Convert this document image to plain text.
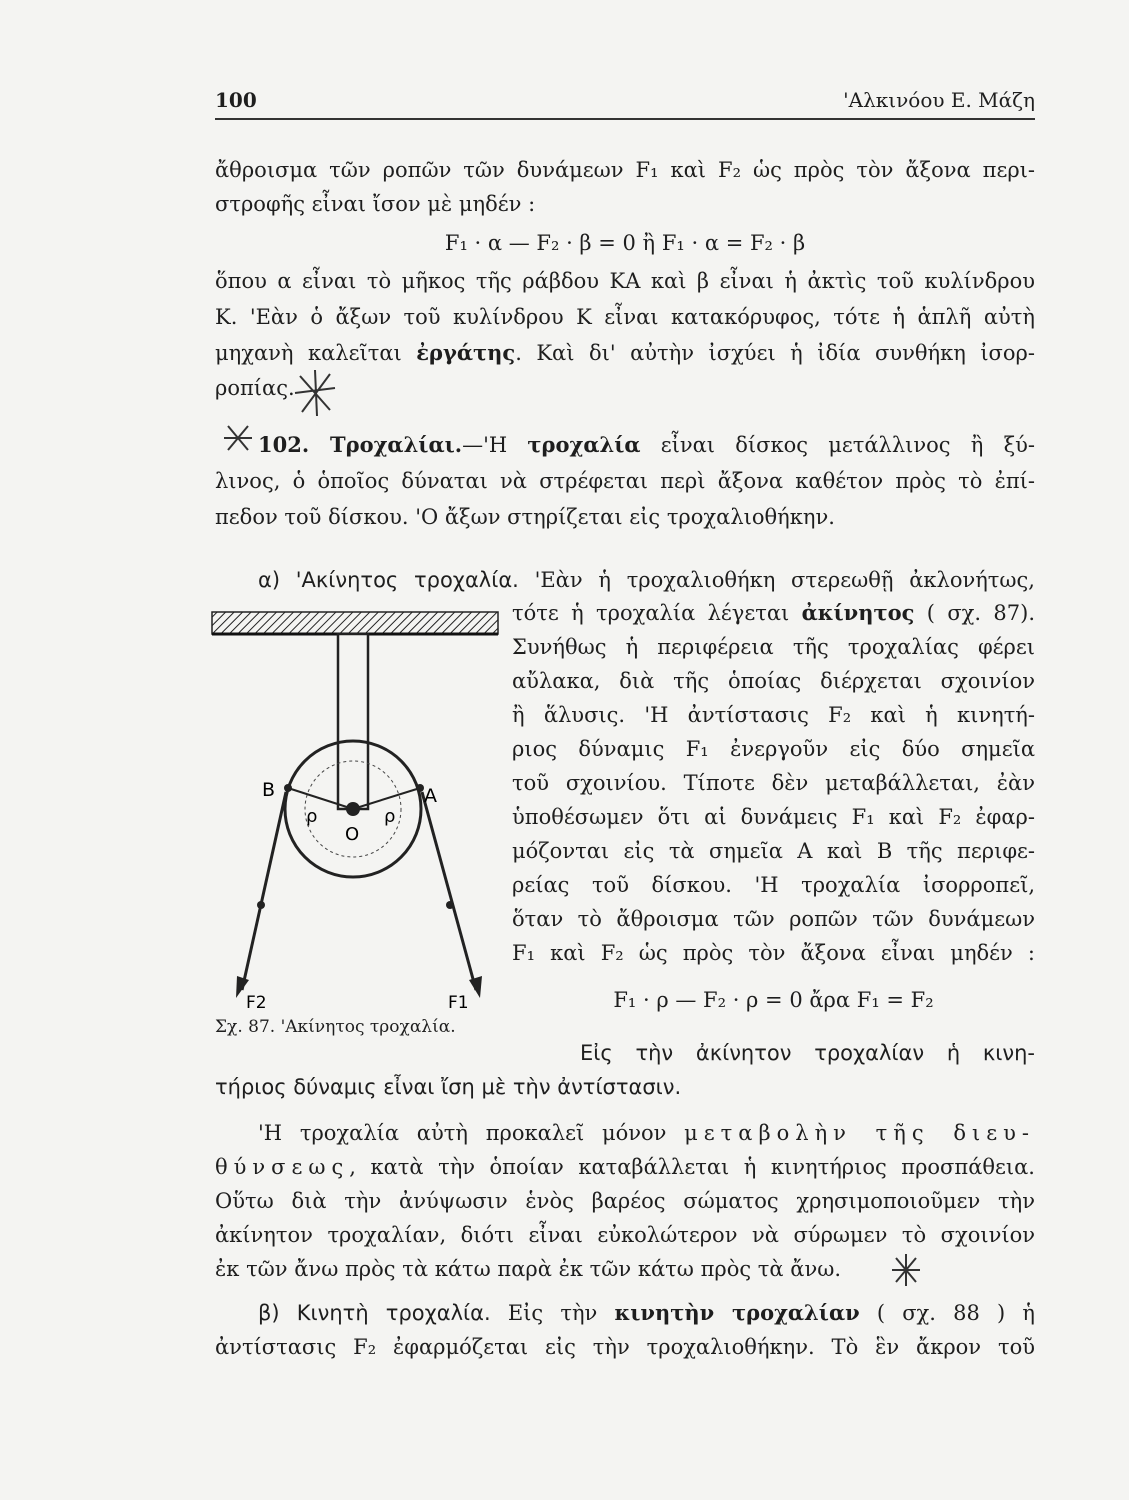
100	'Αλκινόου Ε. Μάζη
ἄθροισμα τῶν ροπῶν τῶν δυνάμεων F₁ καὶ F₂ ὡς πρὸς τὸν ἄξονα περι-
στροφῆς εἶναι ἴσον μὲ μηδέν :
F₁ · α — F₂ · β = 0 ἢ F₁ · α = F₂ · β
ὅπου α εἶναι τὸ μῆκος τῆς ράβδου ΚΑ καὶ β εἶναι ἡ ἀκτὶς τοῦ κυλίνδρου
Κ. 'Εὰν ὁ ἄξων τοῦ κυλίνδρου Κ εἶναι κατακόρυφος, τότε ἡ ἁπλῆ αὐτὴ
μηχανὴ καλεῖται ἐργάτης. Καὶ δι' αὐτὴν ἰσχύει ἡ ἰδία συνθήκη ἰσορ-
ροπίας.
102. Τροχαλίαι.—'Η τροχαλία εἶναι δίσκος μετάλλινος ἢ ξύ-
λινος, ὁ ὁποῖος δύναται νὰ στρέφεται περὶ ἄξονα καθέτον πρὸς τὸ ἐπί-
πεδον τοῦ δίσκου. 'Ο ἄξων στηρίζεται εἰς τροχαλιοθήκην.
α) 'Ακίνητος τροχαλία. 'Εὰν ἡ τροχαλιοθήκη στερεωθῇ ἀκλονήτως,
τότε ἡ τροχαλία λέγεται ἀκίνητος ( σχ. 87).
Συνήθως ἡ περιφέρεια τῆς τροχαλίας φέρει
αὔλακα, διὰ τῆς ὁποίας διέρχεται σχοινίον
ἢ ἅλυσις. 'Η ἀντίστασις F₂ καὶ ἡ κινητή-
ριος δύναμις F₁ ἐνεργοῦν εἰς δύο σημεῖα
τοῦ σχοινίου. Τίποτε δὲν μεταβάλλεται, ἐὰν
ὑποθέσωμεν ὅτι αἱ δυνάμεις F₁ καὶ F₂ ἐφαρ-
μόζονται εἰς τὰ σημεῖα Α καὶ Β τῆς περιφε-
ρείας τοῦ δίσκου. 'Η τροχαλία ἰσορροπεῖ,
ὅταν τὸ ἄθροισμα τῶν ροπῶν τῶν δυνάμεων
F₁ καὶ F₂ ὡς πρὸς τὸν ἄξονα εἶναι μηδέν :
F₁ · ρ — F₂ · ρ = 0 ἄρα F₁ = F₂
Εἰς τὴν ἀκίνητον τροχαλίαν ἡ κινη-
τήριος δύναμις εἶναι ἴση μὲ τὴν ἀντίστασιν.
'Η τροχαλία αὐτὴ προκαλεῖ μόνον μεταβολὴν τῆς διευ-
θύνσεως, κατὰ τὴν ὁποίαν καταβάλλεται ἡ κινητήριος προσπάθεια.
Οὕτω διὰ τὴν ἀνύψωσιν ἑνὸς βαρέος σώματος χρησιμοποιοῦμεν τὴν
ἀκίνητον τροχαλίαν, διότι εἶναι εὐκολώτερον νὰ σύρωμεν τὸ σχοινίον
ἐκ τῶν ἄνω πρὸς τὰ κάτω παρὰ ἐκ τῶν κάτω πρὸς τὰ ἄνω.
β) Κινητὴ τροχαλία. Εἰς τὴν κινητὴν τροχαλίαν ( σχ. 88 ) ἡ
ἀντίστασις F₂ ἐφαρμόζεται εἰς τὴν τροχαλιοθήκην. Τὸ ἓν ἄκρον τοῦ
B	A
ρ	ρ
O
F2	F1
Σχ. 87. 'Ακίνητος τροχαλία.
